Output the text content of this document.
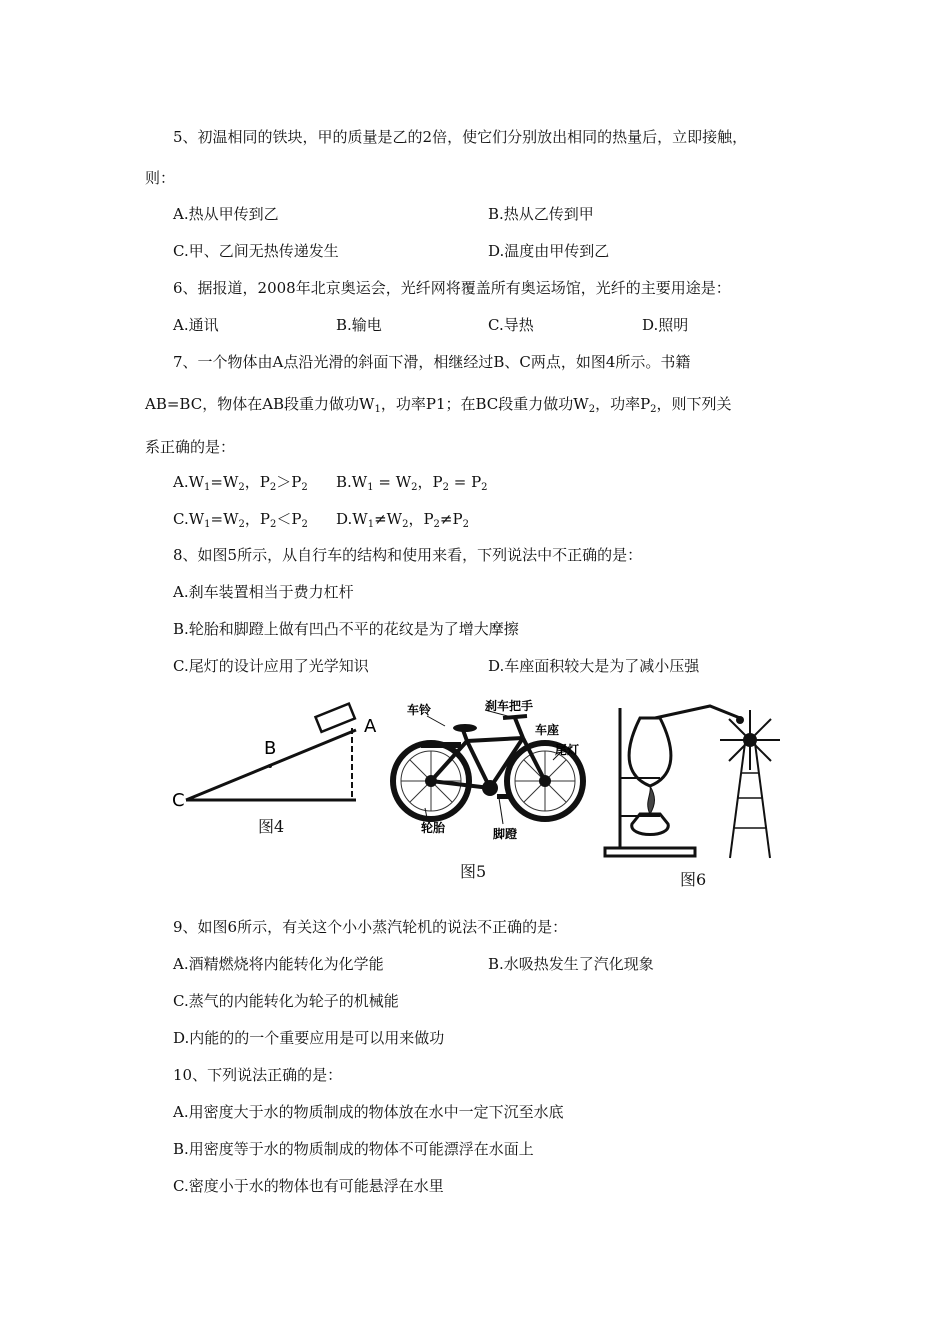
5、初温相同的铁块，甲的质量是乙的2倍，使它们分别放出相同的热量后，立即接触，
则：
A.热从甲传到乙	B.热从乙传到甲
C.甲、乙间无热传递发生	D.温度由甲传到乙
6、据报道，2008年北京奥运会，光纤网将覆盖所有奥运场馆，光纤的主要用途是：
A.通讯	B.输电	C.导热	D.照明
7、一个物体由A点沿光滑的斜面下滑，相继经过B、C两点，如图4所示。书籍
AB=BC，物体在AB段重力做功$W_1$，功率P1；在BC段重力做功$W_2$，功率$P_2$，则下列关
系正确的是：
$A.W_1=W_2$，$P_2>P_2$ $B.W_1 = W_2$，$P_2 = P_2$
$C.W_1=W_2$，$P_2<P_2$ $D.W_1\ne W_2$，$P_2\ne P_2$
8、如图5所示，从自行车的结构和使用来看，下列说法中不正确的是：
A.刹车装置相当于费力杠杆
B.轮胎和脚蹬上做有凹凸不平的花纹是为了增大摩擦
C.尾灯的设计应用了光学知识	D.车座面积较大是为了减小压强
C
B
A
图4
车铃	刹车把手
车座
尾灯
轮胎	脚蹬
图5	图6
9、如图6所示，有关这个小小蒸汽轮机的说法不正确的是：
A.酒精燃烧将内能转化为化学能	B.水吸热发生了汽化现象
C.蒸气的内能转化为轮子的机械能
D.内能的的一个重要应用是可以用来做功
10、下列说法正确的是：
A.用密度大于水的物质制成的物体放在水中一定下沉至水底
B.用密度等于水的物质制成的物体不可能漂浮在水面上
C.密度小于水的物体也有可能悬浮在水里
